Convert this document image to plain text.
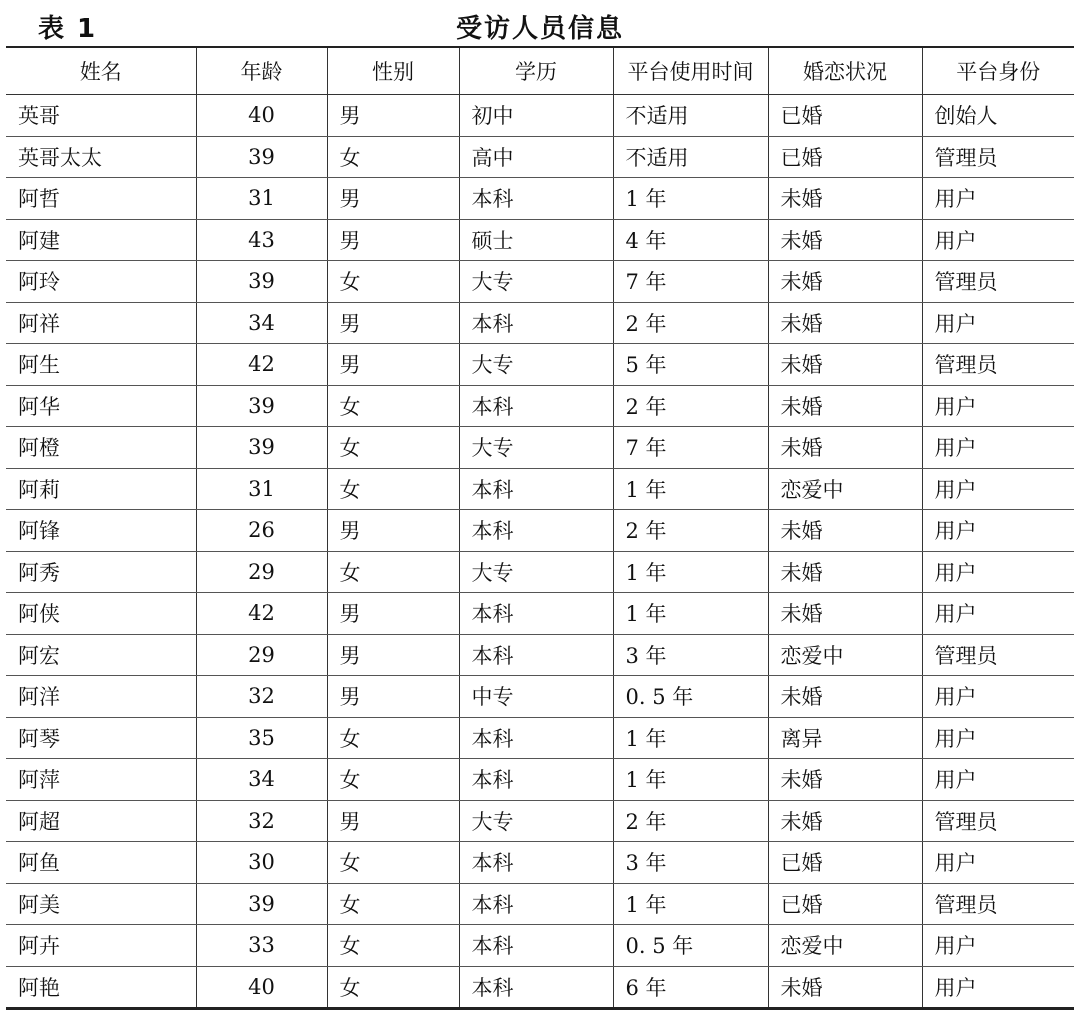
表 1	受访人员信息
姓名	年龄	性别	学历	平台使用时间	婚恋状况	平台身份
英哥	40	男	初中	不适用	已婚	创始人
英哥太太	39	女	高中	不适用	已婚	管理员
阿哲	31	男	本科	1 年	未婚	用户
阿建	43	男	硕士	4 年	未婚	用户
阿玲	39	女	大专	7 年	未婚	管理员
阿祥	34	男	本科	2 年	未婚	用户
阿生	42	男	大专	5 年	未婚	管理员
阿华	39	女	本科	2 年	未婚	用户
阿橙	39	女	大专	7 年	未婚	用户
阿莉	31	女	本科	1 年	恋爱中	用户
阿锋	26	男	本科	2 年	未婚	用户
阿秀	29	女	大专	1 年	未婚	用户
阿侠	42	男	本科	1 年	未婚	用户
阿宏	29	男	本科	3 年	恋爱中	管理员
阿洋	32	男	中专	0. 5 年	未婚	用户
阿琴	35	女	本科	1 年	离异	用户
阿萍	34	女	本科	1 年	未婚	用户
阿超	32	男	大专	2 年	未婚	管理员
阿鱼	30	女	本科	3 年	已婚	用户
阿美	39	女	本科	1 年	已婚	管理员
阿卉	33	女	本科	0. 5 年	恋爱中	用户
阿艳	40	女	本科	6 年	未婚	用户
